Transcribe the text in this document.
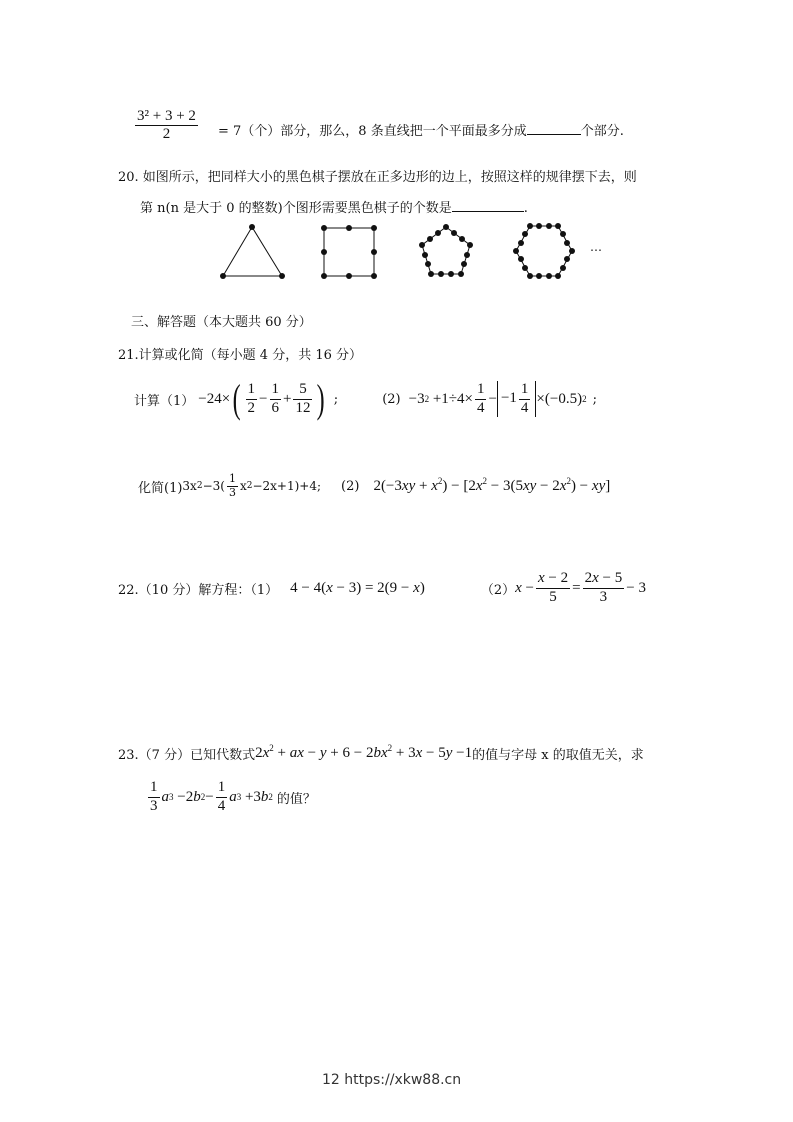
$\frac{\text{3² + 3 + 2}}{2} = 7$（个）部分，那么，8 条直线把一个平面最多分成	个部分.
20. 如图所示，把同样大小的黑色棋子摆放在正多边形的边上，按照这样的规律摆下去，则
第 n(n 是大于 0 的整数)个图形需要黑色棋子的个数是	.
…
三、解答题（本大题共 60 分）
21.计算或化简（每小题 4 分，共 16 分）
计算（1） −24× ( $\frac{1}{2} - \frac{1}{6} + \frac{5}{12}$ ) ;	(2) −3 $2 +1\div 4\times \frac{1}{4} - -1 \frac{1}{4} \times(-0.5)$ 2 ;
化简(1) 3x $2 -3( \frac{1}{3}$ x 2 −2x+1)+4; (2) $2(-3xy + x^2) - [2x^2 - 3(5xy - 2x^2) - xy]$
22.（10 分）解方程：（1） 4 − 4(x − 3) = 2(9 − x)	（2） $x - \frac{x - 2}{5} = \frac{2x - 5}{3} - 3$
23.（7 分）已知代数式 $2x^2$ + ax − $y + 6 - 2bx^2 + 3x - 5y -1$ 的值与字母 x 的取值无关，求
$\frac{1}{3}$ a 3 −2 b $2 - \frac{1}{4}$ a 3 +3 b 2 的值？
12 https://xkw88.cn
